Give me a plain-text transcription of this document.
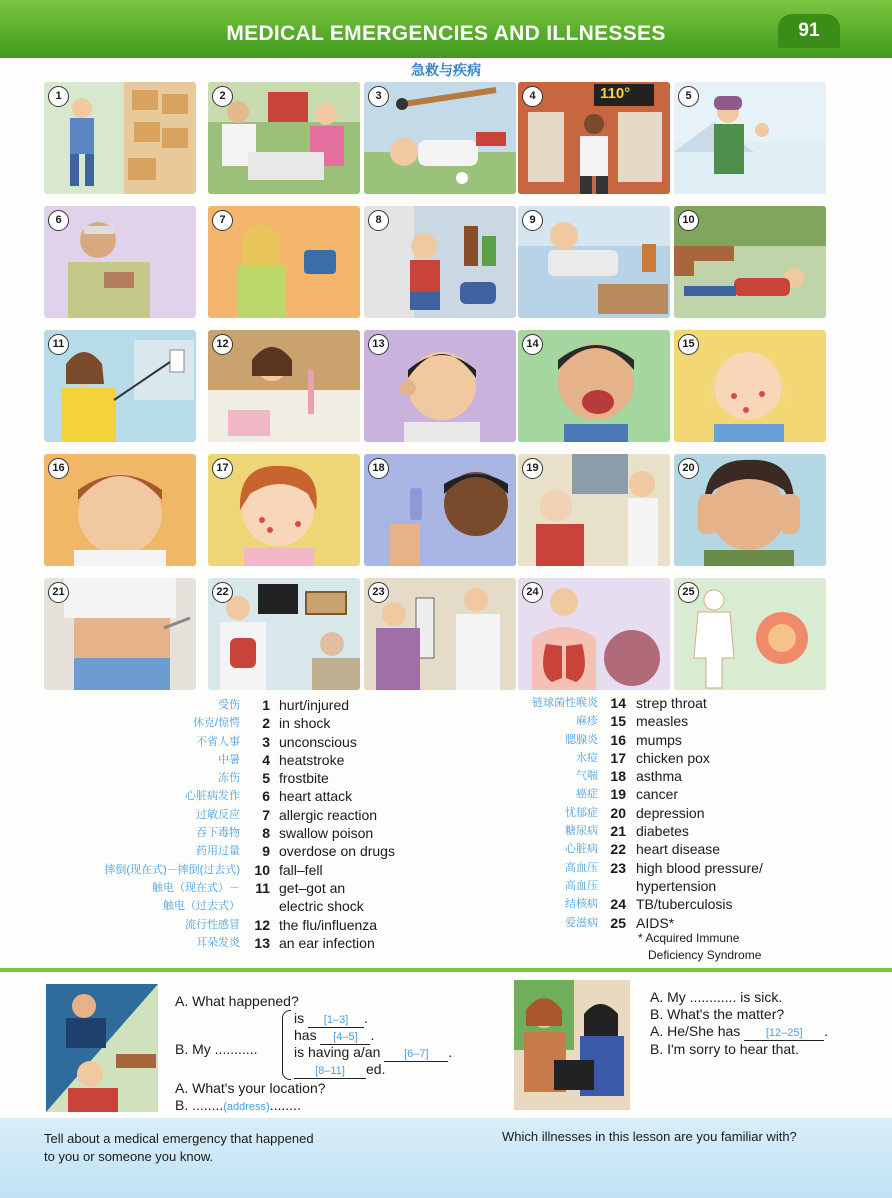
MEDICAL EMERGENCIES AND ILLNESSES	91
急救与疾病
1	2	3	110°
4	5
6	7	8	9	10
11	12	13	14	15
16	17	18	19	20
21	22	23	24	25
受伤	1 hurt/injured
休克/惊愕	2 in shock
不省人事	3 unconscious
中暑	4 heatstroke
冻伤	5 frostbite
心脏病发作	6 heart attack
过敏反应	7 allergic reaction
吞下毒物	8 swallow poison
药用过量	9 overdose on drugs
摔倒(现在式)－摔倒(过去式)	10 fall–fell
触电（现在式）－	11 get–got an
触电（过去式）	electric shock
流行性感冒	12 the flu/influenza
耳朵发炎	13 an ear infection
链球菌性喉炎 14 strep throat
麻疹 15 measles
腮腺炎 16 mumps
水痘 17 chicken pox
气喘 18 asthma
癌症 19 cancer
忧郁症 20 depression
糖尿病 21 diabetes
心脏病 22 heart disease
高血压 23 high blood pressure/
高血压	hypertension
结核病 24 TB/tuberculosis
爱滋病 25 AIDS*
* Acquired Immune
Deficiency Syndrome
A. What happened?
B. My ...........
is [1–3] .
has [4–5] .
is having a/an [6–7] .
[8–11] ed.
A. What's your location?
B. ........(address)........
A. My ............ is sick.
B. What's the matter?
A. He/She has [12–25] .
B. I'm sorry to hear that.
Tell about a medical emergency that happened
to you or someone you know.
Which illnesses in this lesson are you familiar with?
